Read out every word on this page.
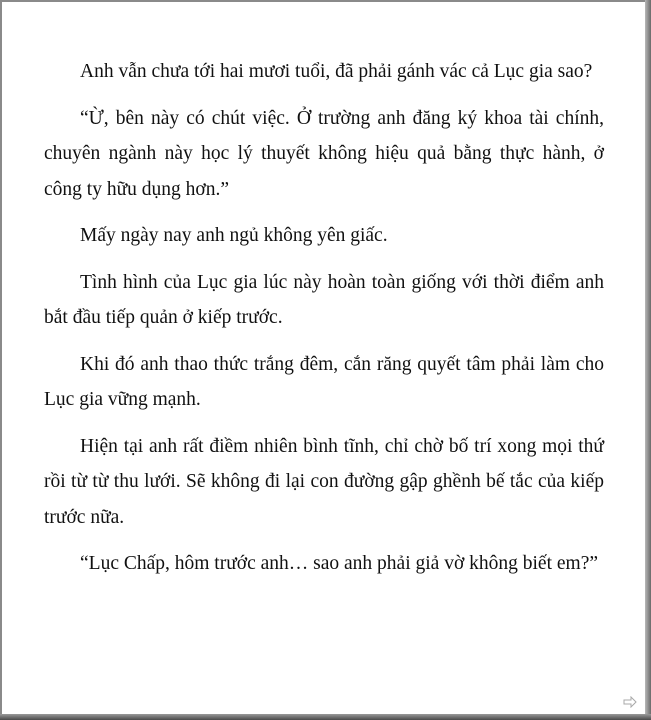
Anh vẫn chưa tới hai mươi tuổi, đã phải gánh vác cả Lục gia sao?

“Ừ, bên này có chút việc. Ở trường anh đăng ký khoa tài chính, chuyên ngành này học lý thuyết không hiệu quả bằng thực hành, ở công ty hữu dụng hơn.”

Mấy ngày nay anh ngủ không yên giấc.

Tình hình của Lục gia lúc này hoàn toàn giống với thời điểm anh bắt đầu tiếp quản ở kiếp trước.

Khi đó anh thao thức trắng đêm, cắn răng quyết tâm phải làm cho Lục gia vững mạnh.

Hiện tại anh rất điềm nhiên bình tĩnh, chỉ chờ bố trí xong mọi thứ rồi từ từ thu lưới. Sẽ không đi lại con đường gập ghềnh bế tắc của kiếp trước nữa.

“Lục Chấp, hôm trước anh… sao anh phải giả vờ không biết em?”
